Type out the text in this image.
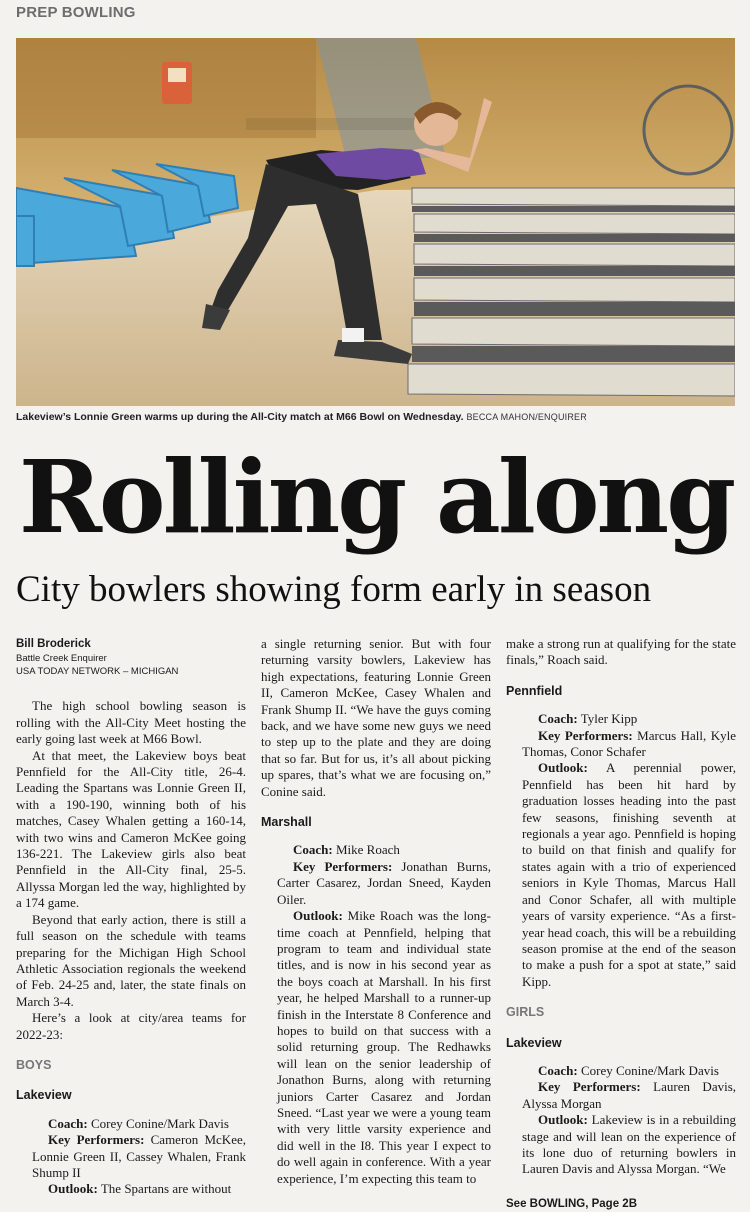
PREP BOWLING
Lakeview’s Lonnie Green warms up during the All-City match at M66 Bowl on Wednesday. BECCA MAHON/ENQUIRER
Rolling along
City bowlers showing form early in season

Bill Broderick

Battle Creek Enquirer

USA TODAY NETWORK – MICHIGAN

The high school bowling season is rolling with the All-City Meet hosting the early going last week at M66 Bowl.

At that meet, the Lakeview boys beat Pennfield for the All-City title, 26-4. Leading the Spartans was Lonnie Green II, with a 190-190, winning both of his matches, Casey Whalen getting a 160-14, with two wins and Cameron McKee going 136-221. The Lakeview girls also beat Pennfield in the All-City final, 25-5. Allyssa Morgan led the way, highlighted by a 174 game.

Beyond that early action, there is still a full season on the schedule with teams preparing for the Michigan High School Athletic Association regionals the weekend of Feb. 24-25 and, later, the state finals on March 3-4.

Here’s a look at city/area teams for 2022-23:

BOYS
Lakeview

Coach: Corey Conine/Mark Davis

Key Performers: Cameron McKee, Lonnie Green II, Cassey Whalen, Frank Shump II

Outlook: The Spartans are without

a single returning senior. But with four returning varsity bowlers, Lakeview has high expectations, featuring Lonnie Green II, Cameron McKee, Casey Whalen and Frank Shump II. “We have the guys coming back, and we have some new guys we need to step up to the plate and they are doing that so far. But for us, it’s all about picking up spares, that’s what we are focusing on,” Conine said.

Marshall

Coach: Mike Roach

Key Performers: Jonathan Burns, Carter Casarez, Jordan Sneed, Kayden Oiler.

Outlook: Mike Roach was the long-time coach at Pennfield, helping that program to team and individual state titles, and is now in his second year as the boys coach at Marshall. In his first year, he helped Marshall to a runner-up finish in the Interstate 8 Conference and hopes to build on that success with a solid returning group. The Redhawks will lean on the senior leadership of Jonathon Burns, along with returning juniors Carter Casarez and Jordan Sneed. “Last year we were a young team with very little varsity experience and did well in the I8. This year I expect to do well again in conference. With a year experience, I’m expecting this team to

make a strong run at qualifying for the state finals,” Roach said.

Pennfield

Coach: Tyler Kipp

Key Performers: Marcus Hall, Kyle Thomas, Conor Schafer

Outlook: A perennial power, Pennfield has been hit hard by graduation losses heading into the past few seasons, finishing seventh at regionals a year ago. Pennfield is hoping to build on that finish and qualify for states again with a trio of experienced seniors in Kyle Thomas, Marcus Hall and Conor Schafer, all with multiple years of varsity experience. “As a first-year head coach, this will be a rebuilding season promise at the end of the season to make a push for a spot at state,” said Kipp.

GIRLS
Lakeview

Coach: Corey Conine/Mark Davis

Key Performers: Lauren Davis, Alyssa Morgan

Outlook: Lakeview is in a rebuilding stage and will lean on the experience of its lone duo of returning bowlers in Lauren Davis and Alyssa Morgan. “We

See BOWLING, Page 2B
